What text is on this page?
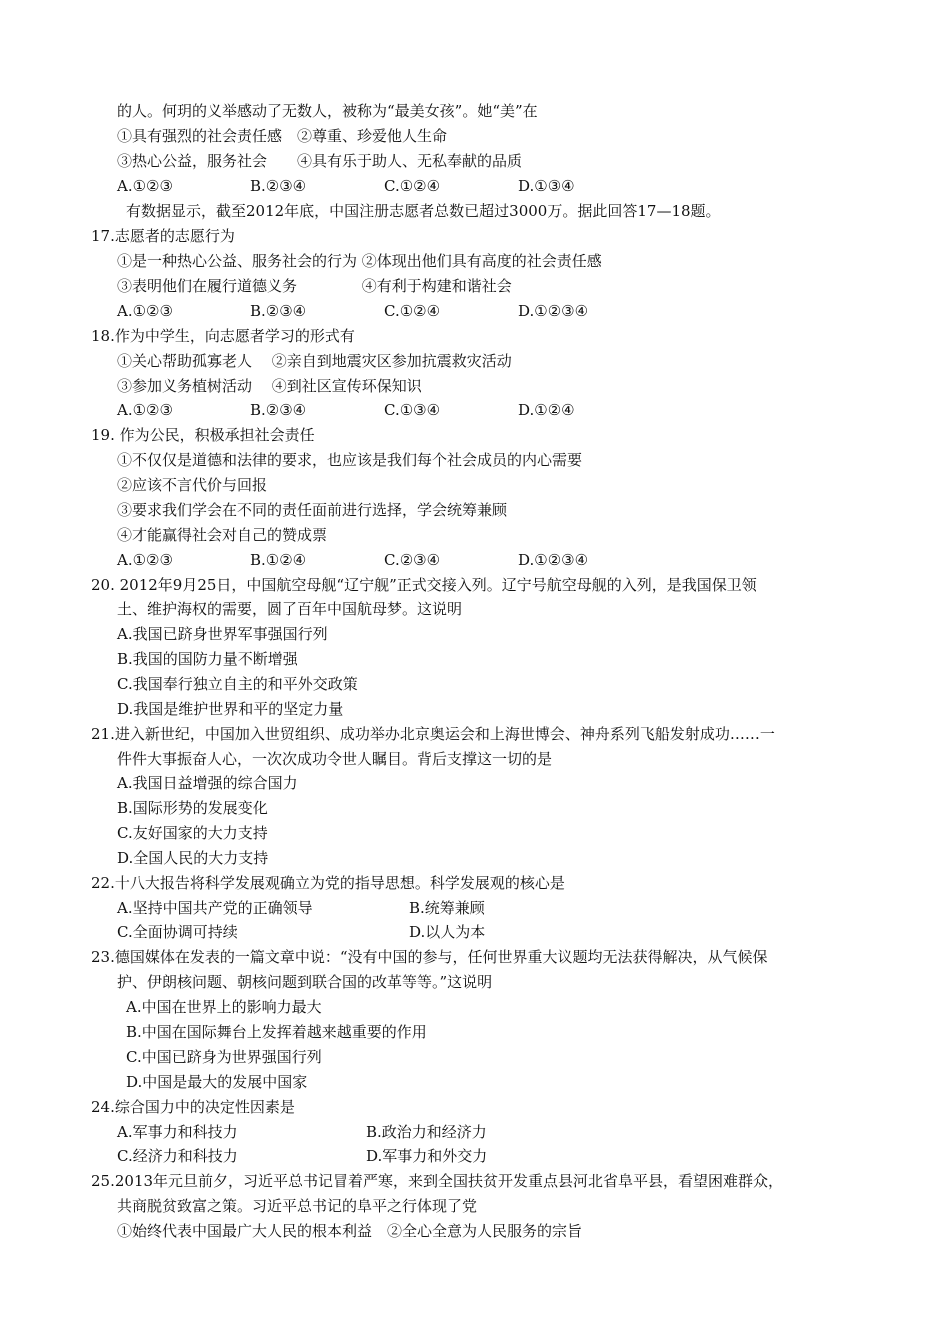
的人。何玥的义举感动了无数人，被称为“最美女孩”。她“美”在
①具有强烈的社会责任感　②尊重、珍爱他人生命
③热心公益，服务社会　　④具有乐于助人、无私奉献的品质
A.①②③	B.②③④	C.①②④	D.①③④
有数据显示，截至2012年底，中国注册志愿者总数已超过3000万。据此回答17—18题。
17.志愿者的志愿行为
①是一种热心公益、服务社会的行为 ②体现出他们具有高度的社会责任感
③表明他们在履行道德义务　　　　 ④有利于构建和谐社会
A.①②③	B.②③④	C.①②④	D.①②③④
18.作为中学生，向志愿者学习的形式有
①关心帮助孤寡老人　 ②亲自到地震灾区参加抗震救灾活动
③参加义务植树活动　 ④到社区宣传环保知识
A.①②③	B.②③④	C.①③④	D.①②④
19. 作为公民，积极承担社会责任
①不仅仅是道德和法律的要求，也应该是我们每个社会成员的内心需要
②应该不言代价与回报
③要求我们学会在不同的责任面前进行选择，学会统筹兼顾
④才能赢得社会对自己的赞成票
A.①②③	B.①②④	C.②③④	D.①②③④
20. 2012年9月25日，中国航空母舰“辽宁舰”正式交接入列。辽宁号航空母舰的入列，是我国保卫领
土、维护海权的需要，圆了百年中国航母梦。这说明
A.我国已跻身世界军事强国行列
B.我国的国防力量不断增强
C.我国奉行独立自主的和平外交政策
D.我国是维护世界和平的坚定力量
21.进入新世纪，中国加入世贸组织、成功举办北京奥运会和上海世博会、神舟系列飞船发射成功……一
件件大事振奋人心，一次次成功令世人瞩目。背后支撑这一切的是
A.我国日益增强的综合国力
B.国际形势的发展变化
C.友好国家的大力支持
D.全国人民的大力支持
22.十八大报告将科学发展观确立为党的指导思想。科学发展观的核心是
A.坚持中国共产党的正确领导	B.统筹兼顾
C.全面协调可持续	D.以人为本
23.德国媒体在发表的一篇文章中说：“没有中国的参与，任何世界重大议题均无法获得解决，从气候保
护、伊朗核问题、朝核问题到联合国的改革等等。”这说明
A.中国在世界上的影响力最大
B.中国在国际舞台上发挥着越来越重要的作用
C.中国已跻身为世界强国行列
D.中国是最大的发展中国家
24.综合国力中的决定性因素是
A.军事力和科技力	B.政治力和经济力
C.经济力和科技力	D.军事力和外交力
25.2013年元旦前夕，习近平总书记冒着严寒，来到全国扶贫开发重点县河北省阜平县，看望困难群众，
共商脱贫致富之策。习近平总书记的阜平之行体现了党
①始终代表中国最广大人民的根本利益　②全心全意为人民服务的宗旨
